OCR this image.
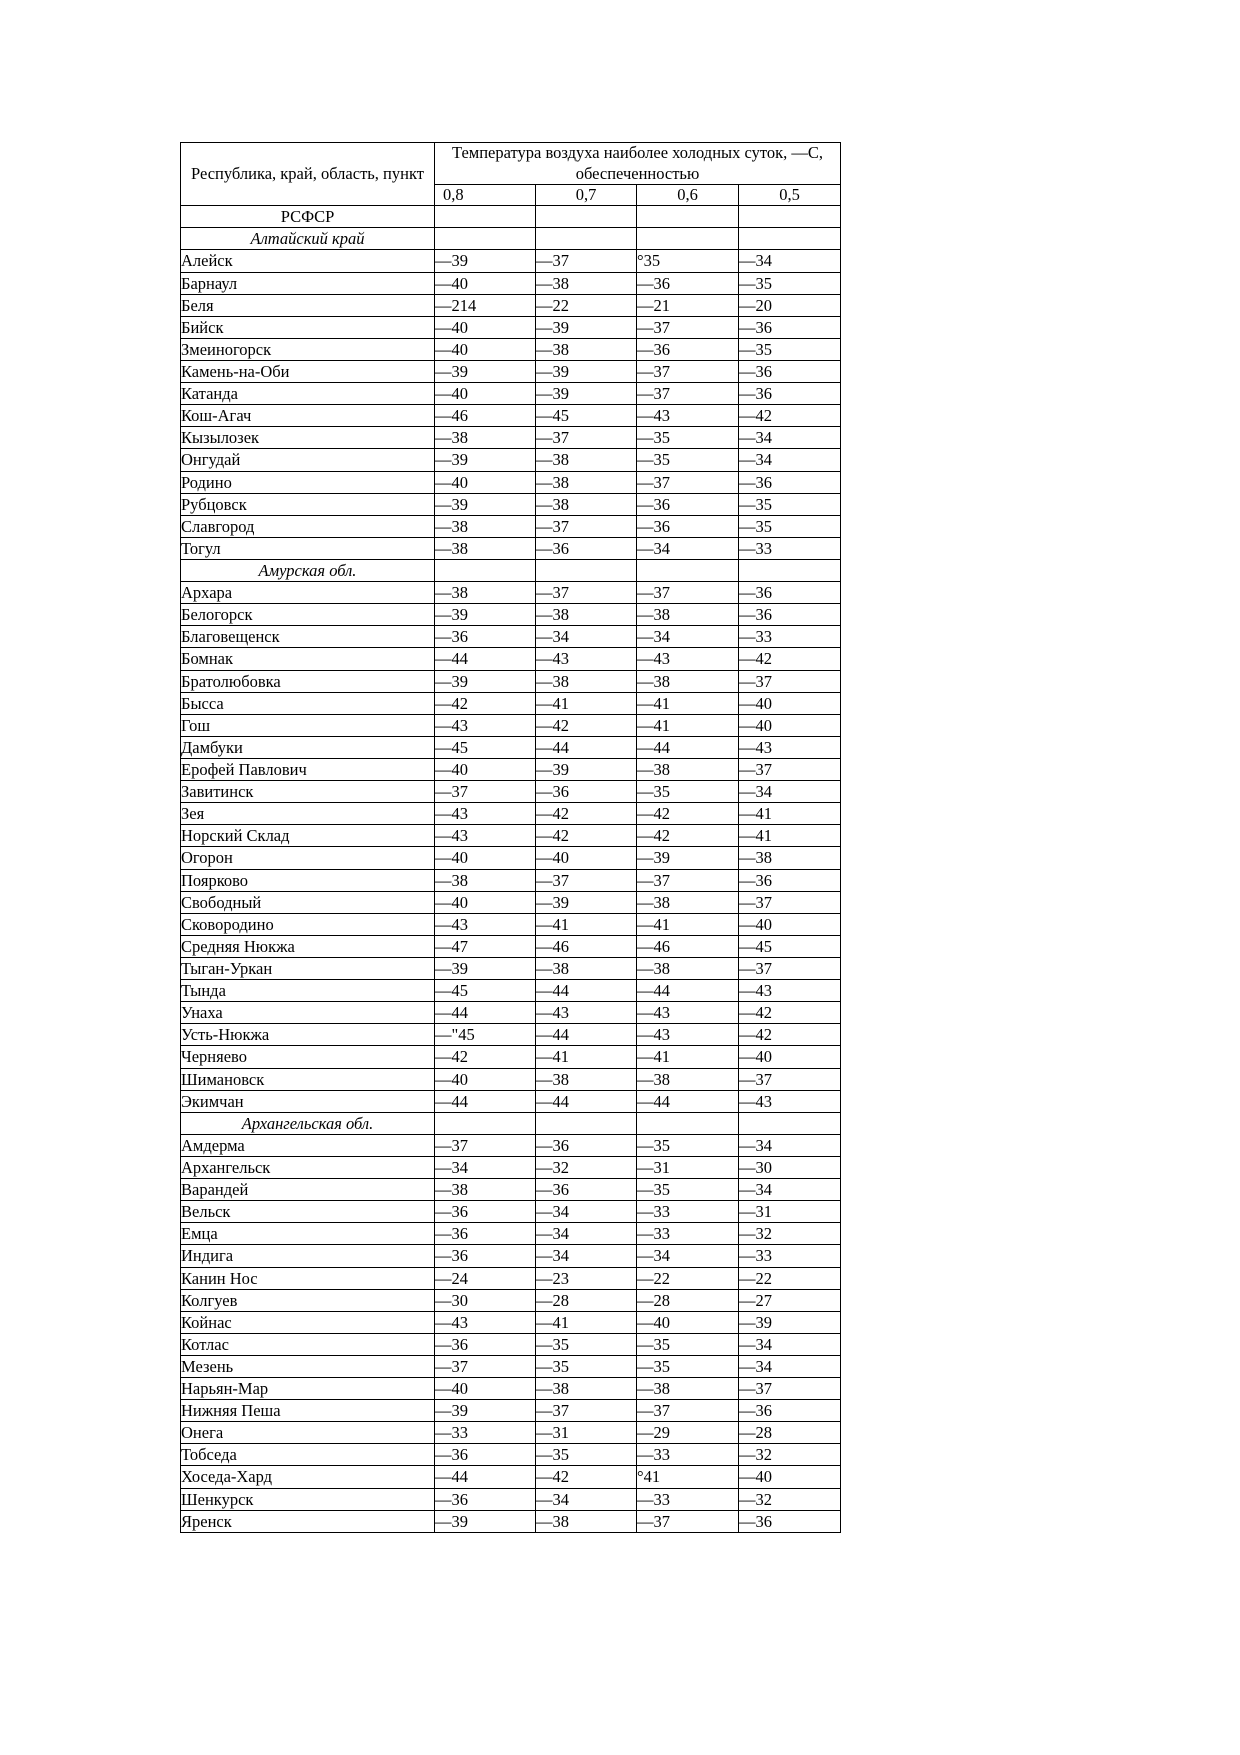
Республика, край, область, пункт	Температура воздуха наиболее холодных суток, —С, обеспеченностью			
	0,8	0,7	0,6	0,5
РСФСР				
Алтайский край				
Алейск	—39	—37	°35	—34
Барнаул	—40	—38	—36	—35
Беля	—214	—22	—21	—20
Бийск	—40	—39	—37	—36
Змеиногорск	—40	—38	—36	—35
Камень-на-Оби	—39	—39	—37	—36
Катанда	—40	—39	—37	—36
Кош-Агач	—46	—45	—43	—42
Кызылозек	—38	—37	—35	—34
Онгудай	—39	—38	—35	—34
Родино	—40	—38	—37	—36
Рубцовск	—39	—38	—36	—35
Славгород	—38	—37	—36	—35
Тогул	—38	—36	—34	—33
Амурская обл.				
Архара	—38	—37	—37	—36
Белогорск	—39	—38	—38	—36
Благовещенск	—36	—34	—34	—33
Бомнак	—44	—43	—43	—42
Братолюбовка	—39	—38	—38	—37
Бысса	—42	—41	—41	—40
Гош	—43	—42	—41	—40
Дамбуки	—45	—44	—44	—43
Ерофей Павлович	—40	—39	—38	—37
Завитинск	—37	—36	—35	—34
Зея	—43	—42	—42	—41
Норский Склад	—43	—42	—42	—41
Огорон	—40	—40	—39	—38
Поярково	—38	—37	—37	—36
Свободный	—40	—39	—38	—37
Сковородино	—43	—41	—41	—40
Средняя Нюкжа	—47	—46	—46	—45
Тыган-Уркан	—39	—38	—38	—37
Тында	—45	—44	—44	—43
Унаха	—44	—43	—43	—42
Усть-Нюкжа	—"45	—44	—43	—42
Черняево	—42	—41	—41	—40
Шимановск	—40	—38	—38	—37
Экимчан	—44	—44	—44	—43
Архангельская обл.				
Амдерма	—37	—36	—35	—34
Архангельск	—34	—32	—31	—30
Варандей	—38	—36	—35	—34
Вельск	—36	—34	—33	—31
Емца	—36	—34	—33	—32
Индига	—36	—34	—34	—33
Канин Нос	—24	—23	—22	—22
Колгуев	—30	—28	—28	—27
Койнас	—43	—41	—40	—39
Котлас	—36	—35	—35	—34
Мезень	—37	—35	—35	—34
Нарьян-Мар	—40	—38	—38	—37
Нижняя Пеша	—39	—37	—37	—36
Онега	—33	—31	—29	—28
Тобседа	—36	—35	—33	—32
Хоседа-Хард	—44	—42	°41	—40
Шенкурск	—36	—34	—33	—32
Яренск	—39	—38	—37	—36
